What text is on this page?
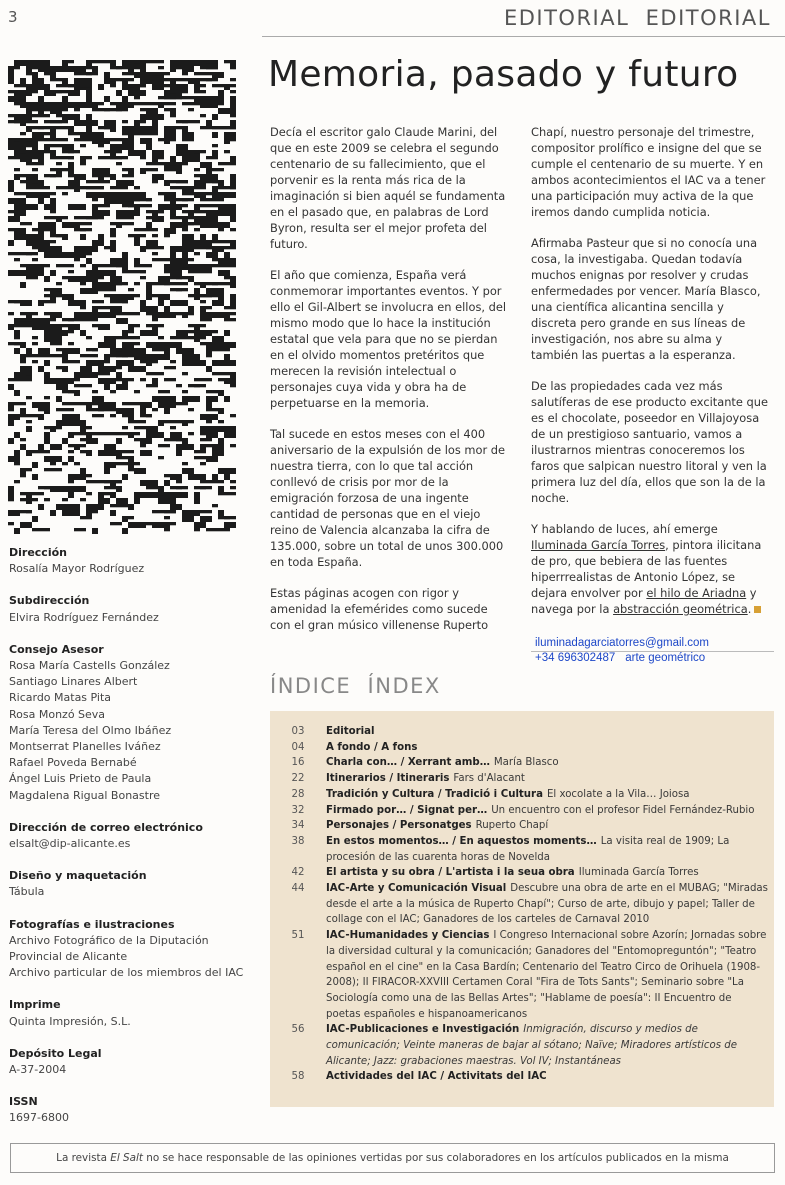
3	EDITORIAL  EDITORIAL
Dirección
Rosalía Mayor Rodríguez
Subdirección
Elvira Rodríguez Fernández
Consejo Asesor
Rosa María Castells González
Santiago Linares Albert
Ricardo Matas Pita
Rosa Monzó Seva
María Teresa del Olmo Ibáñez
Montserrat Planelles Iváñez
Rafael Poveda Bernabé
Ángel Luis Prieto de Paula
Magdalena Rigual Bonastre
Dirección de correo electrónico
elsalt@dip-alicante.es
Diseño y maquetación
Tábula
Fotografías e ilustraciones
Archivo Fotográfico de la Diputación
Provincial de Alicante
Archivo particular de los miembros del IAC
Imprime
Quinta Impresión, S.L.
Depósito Legal
A-37-2004
ISSN
1697-6800
Memoria, pasado y futuro

Decía el escritor galo Claude Marini, del que en este 2009 se celebra el segundo centenario de su fallecimiento, que el porvenir es la renta más rica de la imaginación si bien aquél se fundamenta en el pasado que, en palabras de Lord Byron, resulta ser el mejor profeta del futuro.

El año que comienza, España verá conmemorar importantes eventos. Y por ello el Gil-Albert se involucra en ellos, del mismo modo que lo hace la institución estatal que vela para que no se pierdan en el olvido momentos pretéritos que merecen la revisión intelectual o personajes cuya vida y obra ha de perpetuarse en la memoria.

Tal sucede en estos meses con el 400 aniversario de la expulsión de los mor de nuestra tierra, con lo que tal acción conllevó de crisis por mor de la emigración forzosa de una ingente cantidad de personas que en el viejo reino de Valencia alcanzaba la cifra de 135.000, sobre un total de unos 300.000 en toda España.

Estas páginas acogen con rigor y amenidad la efemérides como sucede con el gran músico villenense Ruperto

Chapí, nuestro personaje del trimestre, compositor prolífico e insigne del que se cumple el centenario de su muerte. Y en ambos acontecimientos el IAC va a tener una participación muy activa de la que iremos dando cumplida noticia.

Afirmaba Pasteur que si no conocía una cosa, la investigaba. Quedan todavía muchos enignas por resolver y crudas enfermedades por vencer. María Blasco, una científica alicantina sencilla y discreta pero grande en sus líneas de investigación, nos abre su alma y también las puertas a la esperanza.

De las propiedades cada vez más salutíferas de ese producto excitante que es el chocolate, poseedor en Villajoyosa de un prestigioso santuario, vamos a ilustrarnos mientras conoceremos los faros que salpican nuestro litoral y ven la primera luz del día, ellos que son la de la noche.

Y hablando de luces, ahí emerge Iluminada García Torres, pintora ilicitana de pro, que bebiera de las fuentes hiperrrealistas de Antonio López, se dejara envolver por el hilo de Ariadna y navega por la abstracción geométrica.

iluminadagarciatorres@gmail.com
+34 696302487 arte geométrico
ÍNDICE  ÍNDEX
03	Editorial
04	A fondo / A fons
16	Charla con… / Xerrant amb… María Blasco
22	Itinerarios / Itinerаris Fars d'Alacant
28	Tradición y Cultura / Tradició i Cultura El xocolate a la Vila… Joiosa
32	Firmado por… / Signat per… Un encuentro con el profesor Fidel Fernández-Rubio
34	Personajes / Personatges Ruperto Chapí
38	En estos momentos… / En aquestos moments… La visita real de 1909; La procesión de las cuarenta horas de Novelda
42	El artista y su obra / L'artista i la seua obra Iluminada García Torres
44	IAC-Arte y Comunicación Visual Descubre una obra de arte en el MUBAG; "Miradas desde el arte a la música de Ruperto Chapí"; Curso de arte, dibujo y papel; Taller de collage con el IAC; Ganadores de los carteles de Carnaval 2010
51	IAC-Humanidades y Ciencias I Congreso Internacional sobre Azorín; Jornadas sobre la diversidad cultural y la comunicación; Ganadores del "Entomopreguntón"; "Teatro español en el cine" en la Casa Bardín; Centenario del Teatro Circo de Orihuela (1908-2008); II FIRACOR-XXVIII Certamen Coral "Fira de Tots Sants"; Seminario sobre "La Sociología como una de las Bellas Artes"; "Hablame de poesía": II Encuentro de poetas españoles e hispanoamericanos
56	IAC-Publicaciones e Investigación Inmigración, discurso y medios de comunicación; Veinte maneras de bajar al sótano; Naïve; Miradores artísticos de Alicante; Jazz: grabaciones maestras. Vol IV; Instantáneas
58	Actividades del IAC / Activitats del IAC
La revista El Salt no se hace responsable de las opiniones vertidas por sus colaboradores en los artículos publicados en la misma
